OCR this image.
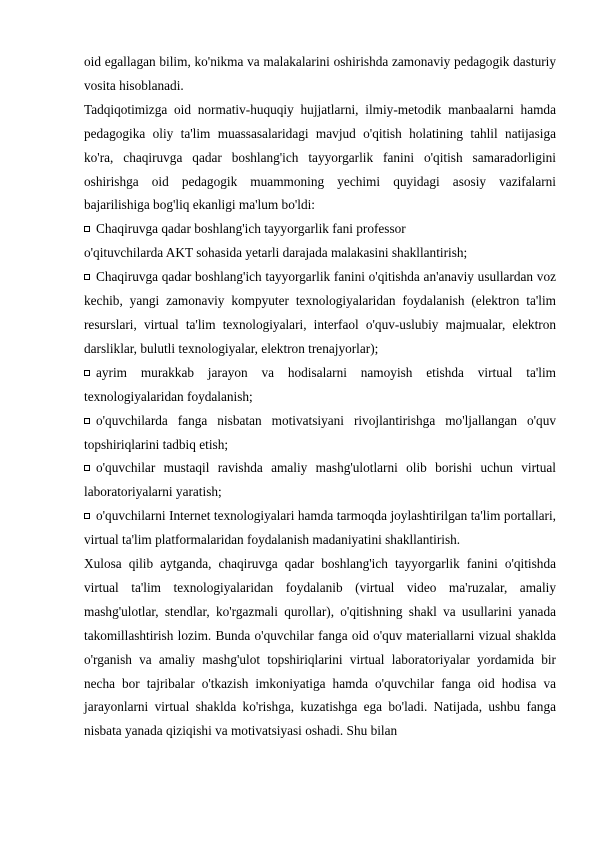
oid egallagan bilim, ko'nikma va malakalarini oshirishda zamonaviy pedagogik dasturiy vosita hisoblanadi.

Tadqiqotimizga oid normativ-huquqiy hujjatlarni, ilmiy-metodik manbaalarni hamda pedagogika oliy ta'lim muassasalaridagi mavjud o'qitish holatining tahlil natijasiga ko'ra, chaqiruvga qadar boshlang'ich tayyorgarlik fanini o'qitish samaradorligini oshirishga oid pedagogik muammoning yechimi quyidagi asosiy vazifalarni bajarilishiga bog'liq ekanligi ma'lum bo'ldi:

Chaqiruvga qadar boshlang'ich tayyorgarlik fani professor

o'qituvchilarda AKT sohasida yetarli darajada malakasini shakllantirish;

Chaqiruvga qadar boshlang'ich tayyorgarlik fanini o'qitishda an'anaviy usullardan voz kechib, yangi zamonaviy kompyuter texnologiyalaridan foydalanish (elektron ta'lim resurslari, virtual ta'lim texnologiyalari, interfaol o'quv-uslubiy majmualar, elektron darsliklar, bulutli texnologiyalar, elektron trenajyorlar);

ayrim murakkab jarayon va hodisalarni namoyish etishda virtual ta'lim texnologiyalaridan foydalanish;

o'quvchilarda fanga nisbatan motivatsiyani rivojlantirishga mo'ljallangan o'quv topshiriqlarini tadbiq etish;

o'quvchilar mustaqil ravishda amaliy mashg'ulotlarni olib borishi uchun virtual laboratoriyalarni yaratish;

o'quvchilarni Internet texnologiyalari hamda tarmoqda joylashtirilgan ta'lim portallari, virtual ta'lim platformalaridan foydalanish madaniyatini shakllantirish.

Xulosa qilib aytganda, chaqiruvga qadar boshlang'ich tayyorgarlik fanini o'qitishda virtual ta'lim texnologiyalaridan foydalanib (virtual video ma'ruzalar, amaliy mashg'ulotlar, stendlar, ko'rgazmali qurollar), o'qitishning shakl va usullarini yanada takomillashtirish lozim. Bunda o'quvchilar fanga oid o'quv materiallarni vizual shaklda o'rganish va amaliy mashg'ulot topshiriqlarini virtual laboratoriyalar yordamida bir necha bor tajribalar o'tkazish imkoniyatiga hamda o'quvchilar fanga oid hodisa va jarayonlarni virtual shaklda ko'rishga, kuzatishga ega bo'ladi. Natijada, ushbu fanga nisbata yanada qiziqishi va motivatsiyasi oshadi. Shu bilan
